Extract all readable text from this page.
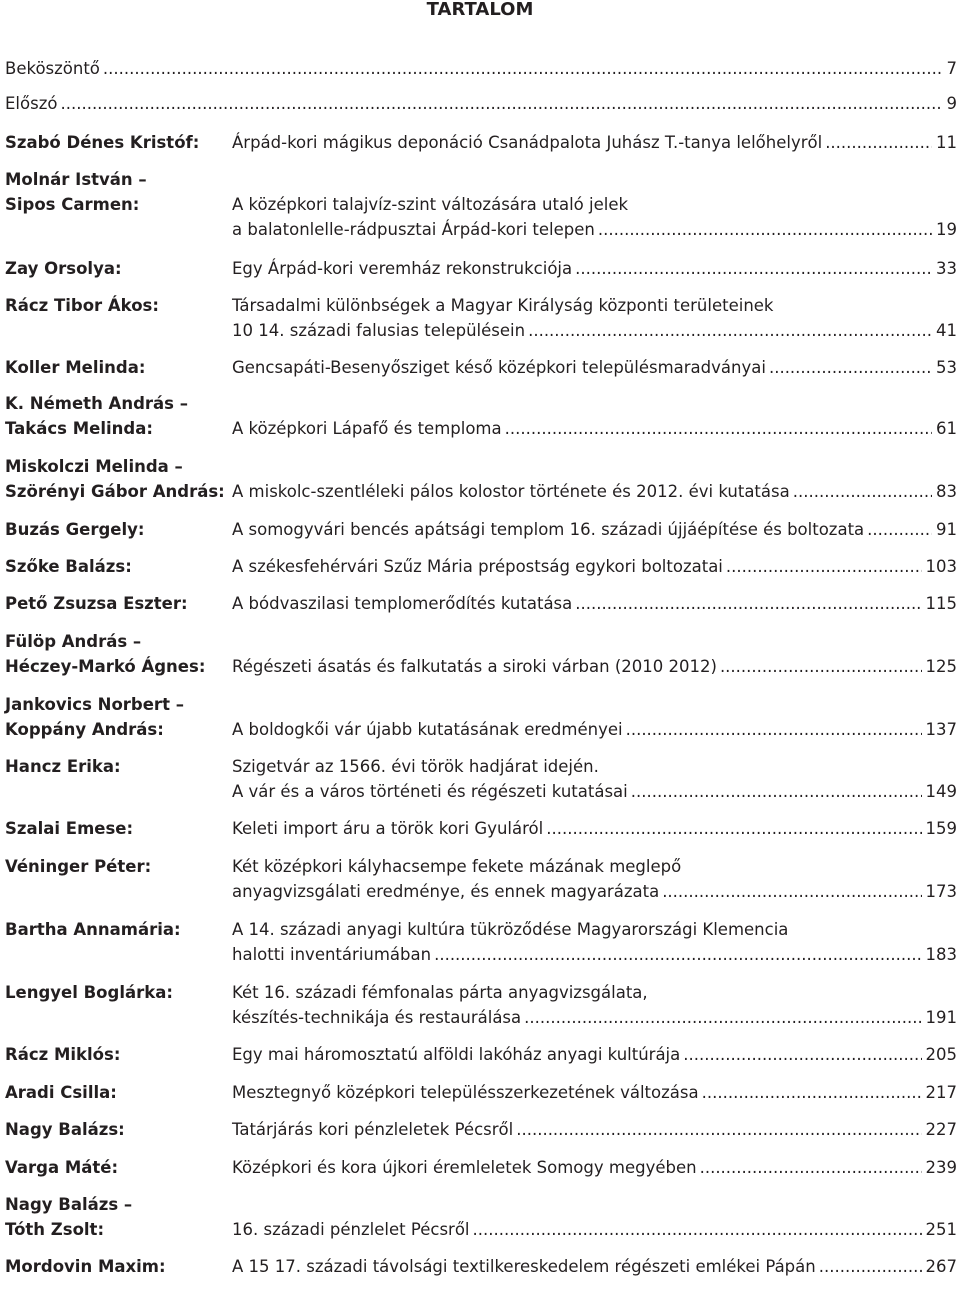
TARTALOM
Beköszöntő .....	7
Előszó .....	9
Szabó Dénes Kristóf:	Árpád-kori mágikus deponáció Csanádpalota Juhász T.-tanya lelőhelyről .....	11
Molnár István –
Sipos Carmen:
	A középkori talajvíz-szint változására utaló jelek
a balatonlelle-rádpusztai Árpád-kori telepen .....	19
Zay Orsolya:	Egy Árpád-kori veremház rekonstrukciója .....	33
Rácz Tibor Ákos:	Társadalmi különbségek a Magyar Királyság központi területeinek
10 14. századi falusias településein .....	41
Koller Melinda:	Gencsapáti-Besenyősziget késő középkori településmaradványai .....	53
K. Németh András –
Takács Melinda:
	A középkori Lápafő és temploma .....	61
Miskolczi Melinda –
Szörényi Gábor András:
A miskolc-szentléleki pálos kolostor története és 2012. évi kutatása .....	83
Buzás Gergely:	A somogyvári bencés apátsági templom 16. századi újjáépítése és boltozata .....	91
Szőke Balázs:	A székesfehérvári Szűz Mária prépostság egykori boltozatai .....	103
Pető Zsuzsa Eszter:	A bódvaszilasi templomerődítés kutatása .....	115
Fülöp András –
Héczey-Markó Ágnes:
	Régészeti ásatás és falkutatás a siroki várban (2010 2012) .....	125
Jankovics Norbert –
Koppány András:
	A boldogkői vár újabb kutatásának eredményei .....	137
Hancz Erika:	Szigetvár az 1566. évi török hadjárat idején.
A vár és a város történeti és régészeti kutatásai .....	149
Szalai Emese:	Keleti import áru a török kori Gyuláról .....	159
Véninger Péter:	Két középkori kályhacsempe fekete mázának meglepő
anyagvizsgálati eredménye, és ennek magyarázata .....	173
Bartha Annamária:	A 14. századi anyagi kultúra tükröződése Magyarországi Klemencia
halotti inventáriumában .....	183
Lengyel Boglárka:	Két 16. századi fémfonalas párta anyagvizsgálata,
készítés-technikája és restaurálása .....	191
Rácz Miklós:	Egy mai háromosztatú alföldi lakóház anyagi kultúrája .....	205
Aradi Csilla:	Mesztegnyő középkori településszerkezetének változása .....	217
Nagy Balázs:	Tatárjárás kori pénzleletek Pécsről .....	227
Varga Máté:	Középkori és kora újkori éremleletek Somogy megyében .....	239
Nagy Balázs –
Tóth Zsolt:
	16. századi pénzlelet Pécsről .....	251
Mordovin Maxim:	A 15 17. századi távolsági textilkereskedelem régészeti emlékei Pápán .....	267
